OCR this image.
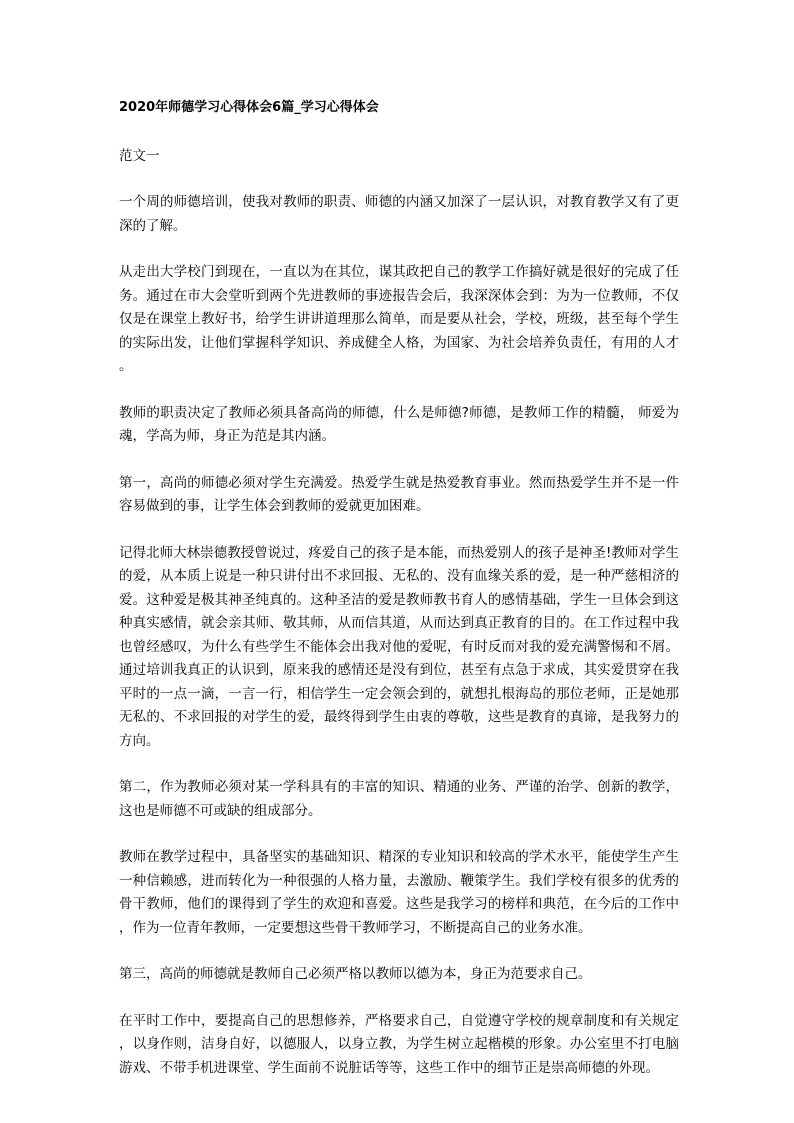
2020年师德学习心得体会6篇_学习心得体会
范文一

一个周的师德培训，使我对教师的职责、师德的内涵又加深了一层认识，对教育教学又有了更深的了解。

从走出大学校门到现在，一直以为在其位，谋其政把自己的教学工作搞好就是很好的完成了任务。通过在市大会堂听到两个先进教师的事迹报告会后，我深深体会到：为为一位教师，不仅仅是在课堂上教好书，给学生讲讲道理那么简单，而是要从社会，学校，班级，甚至每个学生的实际出发，让他们掌握科学知识、养成健全人格，为国家、为社会培养负责任，有用的人才。

教师的职责决定了教师必须具备高尚的师德，什么是师德?师德，是教师工作的精髓， 师爱为魂，学高为师，身正为范是其内涵。

第一，高尚的师德必须对学生充满爱。热爱学生就是热爱教育事业。然而热爱学生并不是一件容易做到的事，让学生体会到教师的爱就更加困难。

记得北师大林崇德教授曾说过，疼爱自己的孩子是本能，而热爱别人的孩子是神圣!教师对学生的爱，从本质上说是一种只讲付出不求回报、无私的、没有血缘关系的爱，是一种严慈相济的爱。这种爱是极其神圣纯真的。这种圣洁的爱是教师教书育人的感情基础，学生一旦体会到这种真实感情，就会亲其师、敬其师，从而信其道，从而达到真正教育的目的。在工作过程中我也曾经感叹，为什么有些学生不能体会出我对他的爱呢，有时反而对我的爱充满警惕和不屑。通过培训我真正的认识到，原来我的感情还是没有到位，甚至有点急于求成，其实爱贯穿在我平时的一点一滴，一言一行，相信学生一定会领会到的，就想扎根海岛的那位老师，正是她那无私的、不求回报的对学生的爱，最终得到学生由衷的尊敬，这些是教育的真谛，是我努力的方向。

第二，作为教师必须对某一学科具有的丰富的知识、精通的业务、严谨的治学、创新的教学，这也是师德不可或缺的组成部分。

教师在教学过程中，具备坚实的基础知识、精深的专业知识和较高的学术水平，能使学生产生一种信赖感，进而转化为一种很强的人格力量，去激励、鞭策学生。我们学校有很多的优秀的骨干教师，他们的课得到了学生的欢迎和喜爱。这些是我学习的榜样和典范，在今后的工作中，作为一位青年教师，一定要想这些骨干教师学习，不断提高自己的业务水准。

第三，高尚的师德就是教师自己必须严格以教师以德为本，身正为范要求自己。

在平时工作中，要提高自己的思想修养，严格要求自己，自觉遵守学校的规章制度和有关规定，以身作则，洁身自好，以德服人，以身立教，为学生树立起楷模的形象。办公室里不打电脑游戏、不带手机进课堂、学生面前不说脏话等等，这些工作中的细节正是崇高师德的外现。
